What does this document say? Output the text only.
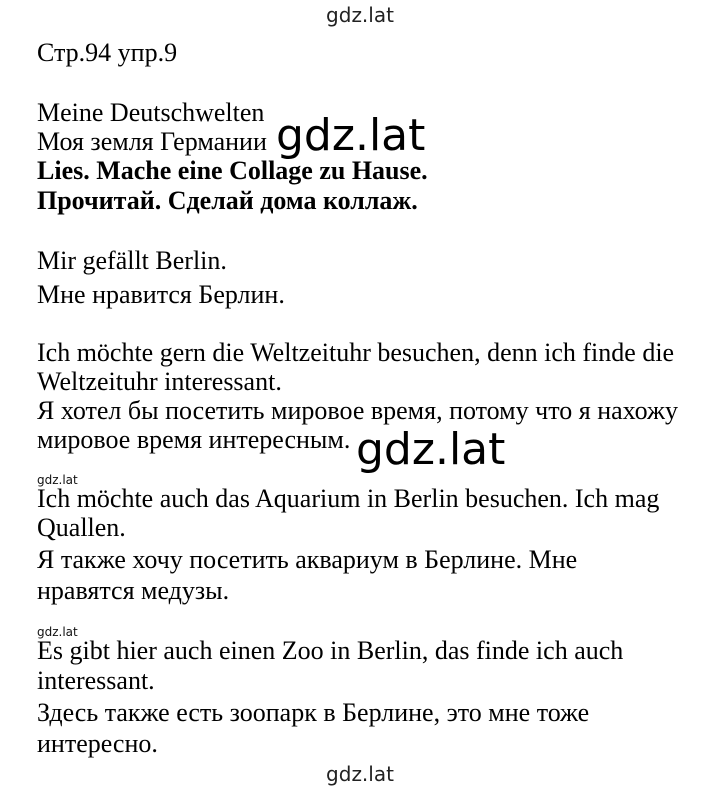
gdz.lat
Стр.94 упр.9
Meine Deutschwelten
Моя земля Германии
Lies. Mache eine Collage zu Hause.
Прочитай. Сделай дома коллаж.
gdz.lat
Mir gefällt Berlin.
Мне нравится Берлин.
Ich möchte gern die Weltzeituhr besuchen, denn ich finde die
Weltzeituhr interessant.
Я хотел бы посетить мировое время, потому что я нахожу
мировое время интересным. gdz.lat
gdz.lat
Ich möchte auch das Aquarium in Berlin besuchen. Ich mag
Quallen.
Я также хочу посетить аквариум в Берлине. Мне
нравятся медузы.
gdz.lat
Es gibt hier auch einen Zoo in Berlin, das finde ich auch
interessant.
Здесь также есть зоопарк в Берлине, это мне тоже
интересно.
gdz.lat
